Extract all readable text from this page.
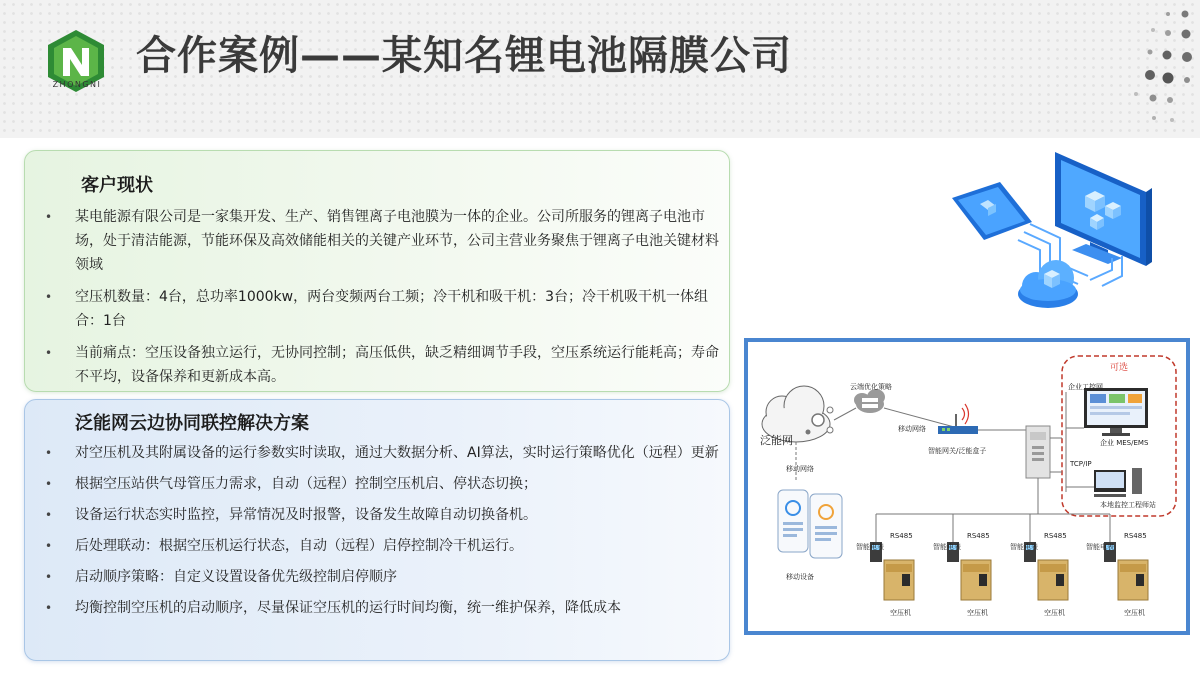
ZHONGNI
合作案例——某知名锂电池隔膜公司
客户现状
• 某电能源有限公司是一家集开发、生产、销售锂离子电池膜为一体的企业。公司所服务的锂离子电池市场，处于清洁能源，节能环保及高效储能相关的关键产业环节，公司主营业务聚焦于锂离子电池关键材料领域
• 空压机数量：4台，总功率1000kw，两台变频两台工频；冷干机和吸干机：3台；冷干机吸干机一体组合：1台
• 当前痛点：空压设备独立运行，无协同控制；高压低供，缺乏精细调节手段，空压系统运行能耗高；寿命不平均，设备保养和更新成本高。
泛能网云边协同联控解决方案
• 对空压机及其附属设备的运行参数实时读取，通过大数据分析、AI算法，实时运行策略优化（远程）更新
• 根据空压站供气母管压力需求，自动（远程）控制空压机启、停状态切换；
• 设备运行状态实时监控，异常情况及时报警，设备发生故障自动切换备机。
• 后处理联动：根据空压机运行状态，自动（远程）启停控制冷干机运行。
• 启动顺序策略：自定义设置设备优先级控制启停顺序
• 均衡控制空压机的启动顺序，尽量保证空压机的运行时间均衡，统一维护保养，降低成本
泛能网
云端优化策略
移动网络
移动网络
智能网关/泛能盒子
移动设备
可选
企业工控网
企业 MES/EMS
TCP/IP
本地监控工程师站
智能电表
RS485
空压机
智能电表
RS485
空压机
智能电表
RS485
空压机
智能电表
RS485
空压机
